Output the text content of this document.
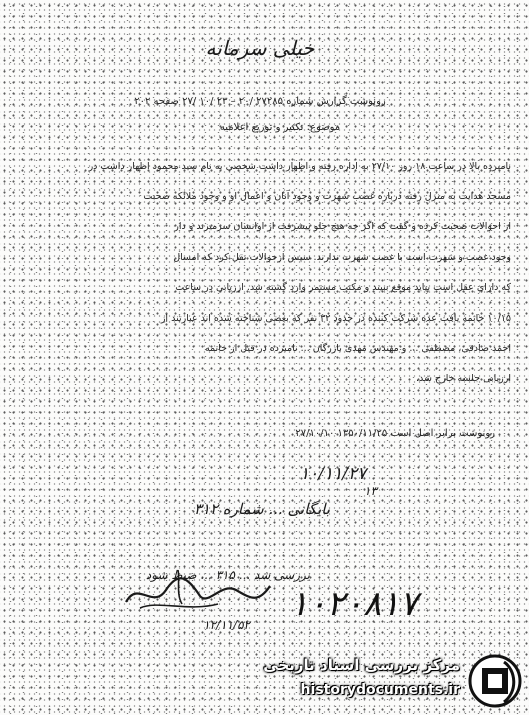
خیلی سرمانه
رونوشت گزارش شماره ۲۷۲۸۵ /۲۰ – ۲۳ /۱۰ /۲۷ صفحه ۲۰۲
موضوع: تکثیر و توزیع اعلامیه
نامبرده بالا در ساعت ۱۸ روز ۲۷/۱۰ به اداره رفته و اظهار داشت شخصی به نام سید محمود اظهار داشت در
مسجد هدایت به منزل رفته درباره غصب شهرت و وجود آنان و اعمال او و وجود ملائکه صحبت
از احوالات صحبت کرده و گفت که اگر چه هیچ جلو پیشرفت از اوانسان سرمیزند و دار
وجود غصب و شهرت است با غصب شهرت ندارند. سپس ازحوالات نقل کرد که امسال
که دارای عقل است بیاید موقع ببیند و مکتب مستمر وارد گشته شد. ارزیابی در ساعت
۱۰/۱۵ خاتمه یافت عده شرکت کننده در حدود ۳۲ نفر که بعضی شناخته شده اند عبارتند از
احمد صادقی، مصطفی ... و مهندس مهدی بازرگان ... نامبرده در قبل از خاتمه
ارزیابی جلسه خارج شد.
رونوشت برابر اصل است ۱۳۵۰/۱۱/۲۵ ۲۷/۱۰/۱۰
۱۰/۱۱/۲۷
۱۳
بایگانی ... شماره ۳۱۲
بررسی شد ... ۳۱۵ ... ضبط شود
۱۲/۱۱/۵۲
۱۰۲۰۸۱۷
مرکز بررسی اسناد تاریخی
historydocuments.ir
